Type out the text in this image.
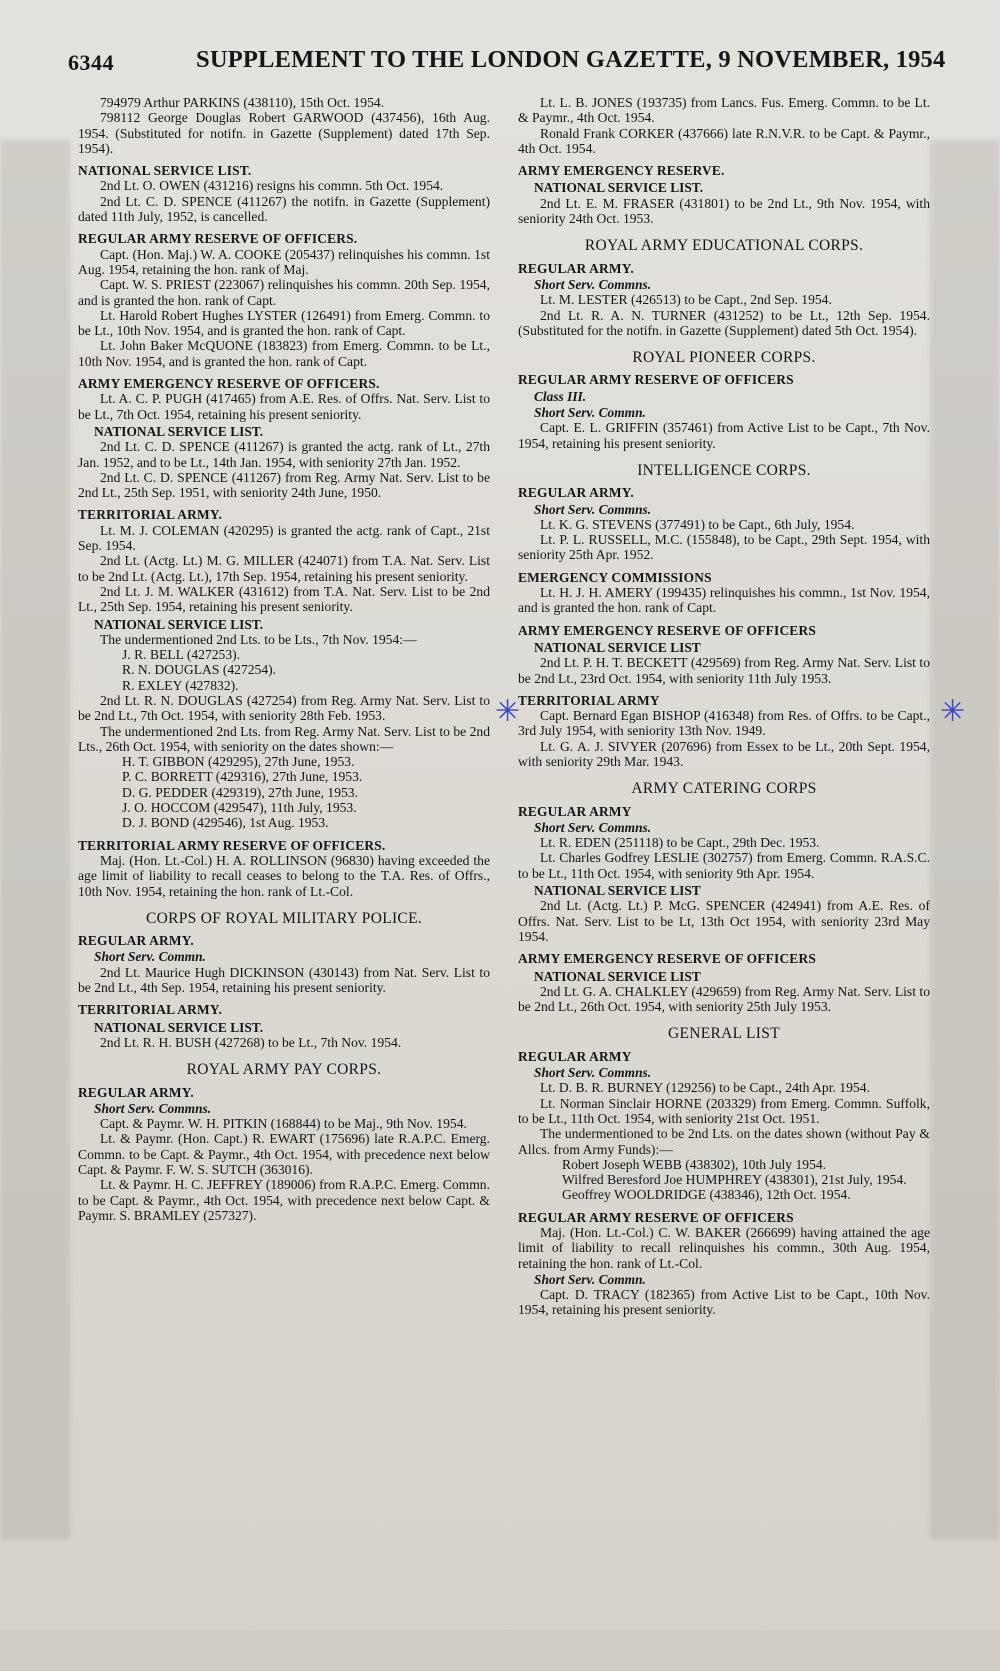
6344	SUPPLEMENT TO THE LONDON GAZETTE, 9 NOVEMBER, 1954
794979 Arthur PARKINS (438110), 15th Oct. 1954.
798112 George Douglas Robert GARWOOD (437456), 16th Aug. 1954. (Substituted for notifn. in Gazette (Supplement) dated 17th Sep. 1954).
NATIONAL SERVICE LIST.
2nd Lt. O. OWEN (431216) resigns his commn. 5th Oct. 1954.
2nd Lt. C. D. SPENCE (411267) the notifn. in Gazette (Supplement) dated 11th July, 1952, is cancelled.
REGULAR ARMY RESERVE OF OFFICERS.
Capt. (Hon. Maj.) W. A. COOKE (205437) relinquishes his commn. 1st Aug. 1954, retaining the hon. rank of Maj.
Capt. W. S. PRIEST (223067) relinquishes his commn. 20th Sep. 1954, and is granted the hon. rank of Capt.
Lt. Harold Robert Hughes LYSTER (126491) from Emerg. Commn. to be Lt., 10th Nov. 1954, and is granted the hon. rank of Capt.
Lt. John Baker McQUONE (183823) from Emerg. Commn. to be Lt., 10th Nov. 1954, and is granted the hon. rank of Capt.
ARMY EMERGENCY RESERVE OF OFFICERS.
Lt. A. C. P. PUGH (417465) from A.E. Res. of Offrs. Nat. Serv. List to be Lt., 7th Oct. 1954, retaining his present seniority.
NATIONAL SERVICE LIST.
2nd Lt. C. D. SPENCE (411267) is granted the actg. rank of Lt., 27th Jan. 1952, and to be Lt., 14th Jan. 1954, with seniority 27th Jan. 1952.
2nd Lt. C. D. SPENCE (411267) from Reg. Army Nat. Serv. List to be 2nd Lt., 25th Sep. 1951, with seniority 24th June, 1950.
TERRITORIAL ARMY.
Lt. M. J. COLEMAN (420295) is granted the actg. rank of Capt., 21st Sep. 1954.
2nd Lt. (Actg. Lt.) M. G. MILLER (424071) from T.A. Nat. Serv. List to be 2nd Lt. (Actg. Lt.), 17th Sep. 1954, retaining his present seniority.
2nd Lt. J. M. WALKER (431612) from T.A. Nat. Serv. List to be 2nd Lt., 25th Sep. 1954, retaining his present seniority.
NATIONAL SERVICE LIST.
The undermentioned 2nd Lts. to be Lts., 7th Nov. 1954:—
J. R. BELL (427253).
R. N. DOUGLAS (427254).
R. EXLEY (427832).
2nd Lt. R. N. DOUGLAS (427254) from Reg. Army Nat. Serv. List to be 2nd Lt., 7th Oct. 1954, with seniority 28th Feb. 1953.
The undermentioned 2nd Lts. from Reg. Army Nat. Serv. List to be 2nd Lts., 26th Oct. 1954, with seniority on the dates shown:—
H. T. GIBBON (429295), 27th June, 1953.
P. C. BORRETT (429316), 27th June, 1953.
D. G. PEDDER (429319), 27th June, 1953.
J. O. HOCCOM (429547), 11th July, 1953.
D. J. BOND (429546), 1st Aug. 1953.
TERRITORIAL ARMY RESERVE OF OFFICERS.
Maj. (Hon. Lt.-Col.) H. A. ROLLINSON (96830) having exceeded the age limit of liability to recall ceases to belong to the T.A. Res. of Offrs., 10th Nov. 1954, retaining the hon. rank of Lt.-Col.
CORPS OF ROYAL MILITARY POLICE.
REGULAR ARMY.
Short Serv. Commn.
2nd Lt. Maurice Hugh DICKINSON (430143) from Nat. Serv. List to be 2nd Lt., 4th Sep. 1954, retaining his present seniority.
TERRITORIAL ARMY.
NATIONAL SERVICE LIST.
2nd Lt. R. H. BUSH (427268) to be Lt., 7th Nov. 1954.
ROYAL ARMY PAY CORPS.
REGULAR ARMY.
Short Serv. Commns.
Capt. & Paymr. W. H. PITKIN (168844) to be Maj., 9th Nov. 1954.
Lt. & Paymr. (Hon. Capt.) R. EWART (175696) late R.A.P.C. Emerg. Commn. to be Capt. & Paymr., 4th Oct. 1954, with precedence next below Capt. & Paymr. F. W. S. SUTCH (363016).
Lt. & Paymr. H. C. JEFFREY (189006) from R.A.P.C. Emerg. Commn. to be Capt. & Paymr., 4th Oct. 1954, with precedence next below Capt. & Paymr. S. BRAMLEY (257327).
Lt. L. B. JONES (193735) from Lancs. Fus. Emerg. Commn. to be Lt. & Paymr., 4th Oct. 1954.
Ronald Frank CORKER (437666) late R.N.V.R. to be Capt. & Paymr., 4th Oct. 1954.
ARMY EMERGENCY RESERVE.
NATIONAL SERVICE LIST.
2nd Lt. E. M. FRASER (431801) to be 2nd Lt., 9th Nov. 1954, with seniority 24th Oct. 1953.
ROYAL ARMY EDUCATIONAL CORPS.
REGULAR ARMY.
Short Serv. Commns.
Lt. M. LESTER (426513) to be Capt., 2nd Sep. 1954.
2nd Lt. R. A. N. TURNER (431252) to be Lt., 12th Sep. 1954. (Substituted for the notifn. in Gazette (Supplement) dated 5th Oct. 1954).
ROYAL PIONEER CORPS.
REGULAR ARMY RESERVE OF OFFICERS
Class III.
Short Serv. Commn.
Capt. E. L. GRIFFIN (357461) from Active List to be Capt., 7th Nov. 1954, retaining his present seniority.
INTELLIGENCE CORPS.
REGULAR ARMY.
Short Serv. Commns.
Lt. K. G. STEVENS (377491) to be Capt., 6th July, 1954.
Lt. P. L. RUSSELL, M.C. (155848), to be Capt., 29th Sept. 1954, with seniority 25th Apr. 1952.
EMERGENCY COMMISSIONS
Lt. H. J. H. AMERY (199435) relinquishes his commn., 1st Nov. 1954, and is granted the hon. rank of Capt.
ARMY EMERGENCY RESERVE OF OFFICERS
NATIONAL SERVICE LIST
2nd Lt. P. H. T. BECKETT (429569) from Reg. Army Nat. Serv. List to be 2nd Lt., 23rd Oct. 1954, with seniority 11th July 1953.
TERRITORIAL ARMY
Capt. Bernard Egan BISHOP (416348) from Res. of Offrs. to be Capt., 3rd July 1954, with seniority 13th Nov. 1949.
Lt. G. A. J. SIVYER (207696) from Essex to be Lt., 20th Sept. 1954, with seniority 29th Mar. 1943.
ARMY CATERING CORPS
REGULAR ARMY
Short Serv. Commns.
Lt. R. EDEN (251118) to be Capt., 29th Dec. 1953.
Lt. Charles Godfrey LESLIE (302757) from Emerg. Commn. R.A.S.C. to be Lt., 11th Oct. 1954, with seniority 9th Apr. 1954.
NATIONAL SERVICE LIST
2nd Lt. (Actg. Lt.) P. McG. SPENCER (424941) from A.E. Res. of Offrs. Nat. Serv. List to be Lt, 13th Oct 1954, with seniority 23rd May 1954.
ARMY EMERGENCY RESERVE OF OFFICERS
NATIONAL SERVICE LIST
2nd Lt. G. A. CHALKLEY (429659) from Reg. Army Nat. Serv. List to be 2nd Lt., 26th Oct. 1954, with seniority 25th July 1953.
GENERAL LIST
REGULAR ARMY
Short Serv. Commns.
Lt. D. B. R. BURNEY (129256) to be Capt., 24th Apr. 1954.
Lt. Norman Sinclair HORNE (203329) from Emerg. Commn. Suffolk, to be Lt., 11th Oct. 1954, with seniority 21st Oct. 1951.
The undermentioned to be 2nd Lts. on the dates shown (without Pay & Allcs. from Army Funds):—
Robert Joseph WEBB (438302), 10th July 1954.
Wilfred Beresford Joe HUMPHREY (438301), 21st July, 1954.
Geoffrey WOOLDRIDGE (438346), 12th Oct. 1954.
REGULAR ARMY RESERVE OF OFFICERS
Maj. (Hon. Lt.-Col.) C. W. BAKER (266699) having attained the age limit of liability to recall relinquishes his commn., 30th Aug. 1954, retaining the hon. rank of Lt.-Col.
Short Serv. Commn.
Capt. D. TRACY (182365) from Active List to be Capt., 10th Nov. 1954, retaining his present seniority.
✳	✳
